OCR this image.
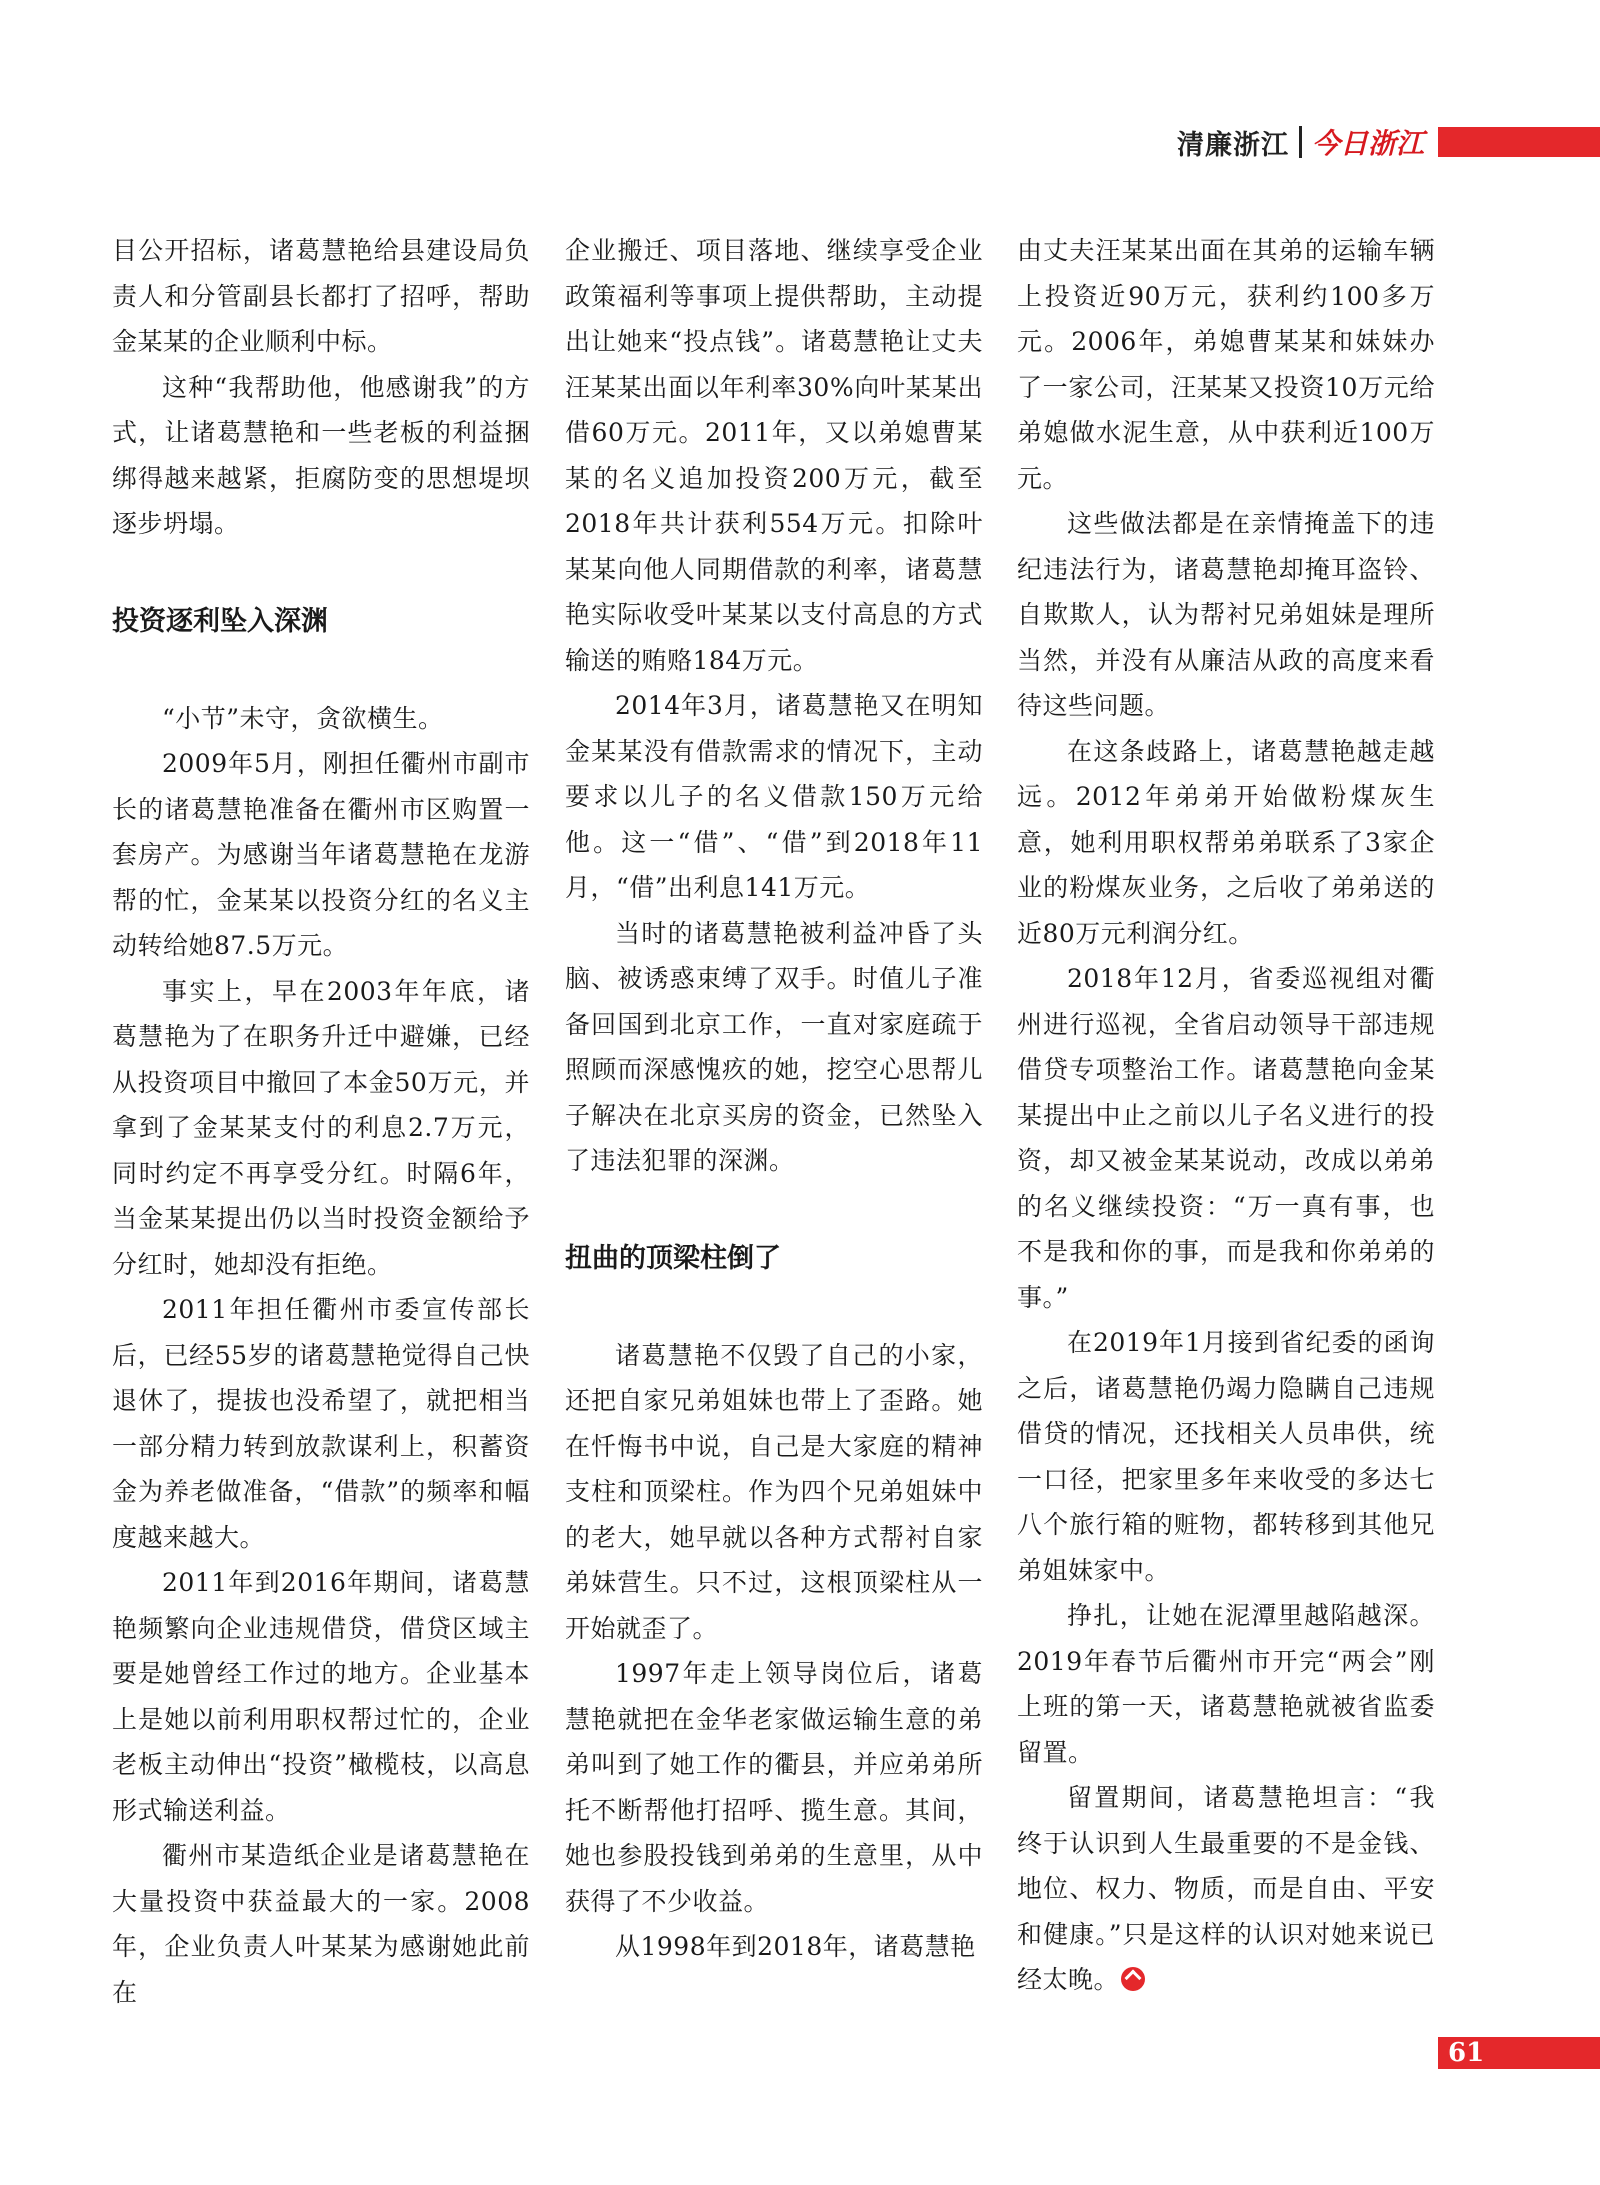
清廉浙江 今日浙江

目公开招标，诸葛慧艳给县建设局负责人和分管副县长都打了招呼，帮助金某某的企业顺利中标。

这种“我帮助他，他感谢我”的方式，让诸葛慧艳和一些老板的利益捆绑得越来越紧，拒腐防变的思想堤坝逐步坍塌。

投资逐利坠入深渊

“小节”未守，贪欲横生。

2009年5月，刚担任衢州市副市长的诸葛慧艳准备在衢州市区购置一套房产。为感谢当年诸葛慧艳在龙游帮的忙，金某某以投资分红的名义主动转给她87.5万元。

事实上，早在2003年年底，诸葛慧艳为了在职务升迁中避嫌，已经从投资项目中撤回了本金50万元，并拿到了金某某支付的利息2.7万元，同时约定不再享受分红。时隔6年，当金某某提出仍以当时投资金额给予分红时，她却没有拒绝。

2011年担任衢州市委宣传部长后，已经55岁的诸葛慧艳觉得自己快退休了，提拔也没希望了，就把相当一部分精力转到放款谋利上，积蓄资金为养老做准备，“借款”的频率和幅度越来越大。

2011年到2016年期间，诸葛慧艳频繁向企业违规借贷，借贷区域主要是她曾经工作过的地方。企业基本上是她以前利用职权帮过忙的，企业老板主动伸出“投资”橄榄枝，以高息形式输送利益。

衢州市某造纸企业是诸葛慧艳在大量投资中获益最大的一家。2008年，企业负责人叶某某为感谢她此前在

企业搬迁、项目落地、继续享受企业政策福利等事项上提供帮助，主动提出让她来“投点钱”。诸葛慧艳让丈夫汪某某出面以年利率30%向叶某某出借60万元。2011年，又以弟媳曹某某的名义追加投资200万元，截至2018年共计获利554万元。扣除叶某某向他人同期借款的利率，诸葛慧艳实际收受叶某某以支付高息的方式输送的贿赂184万元。

2014年3月，诸葛慧艳又在明知金某某没有借款需求的情况下，主动要求以儿子的名义借款150万元给他。这一“借”、“借”到2018年11月，“借”出利息141万元。

当时的诸葛慧艳被利益冲昏了头脑、被诱惑束缚了双手。时值儿子准备回国到北京工作，一直对家庭疏于照顾而深感愧疚的她，挖空心思帮儿子解决在北京买房的资金，已然坠入了违法犯罪的深渊。

扭曲的顶梁柱倒了

诸葛慧艳不仅毁了自己的小家，还把自家兄弟姐妹也带上了歪路。她在忏悔书中说，自己是大家庭的精神支柱和顶梁柱。作为四个兄弟姐妹中的老大，她早就以各种方式帮衬自家弟妹营生。只不过，这根顶梁柱从一开始就歪了。

1997年走上领导岗位后，诸葛慧艳就把在金华老家做运输生意的弟弟叫到了她工作的衢县，并应弟弟所托不断帮他打招呼、揽生意。其间，她也参股投钱到弟弟的生意里，从中获得了不少收益。

从1998年到2018年，诸葛慧艳

由丈夫汪某某出面在其弟的运输车辆上投资近90万元，获利约100多万元。2006年，弟媳曹某某和妹妹办了一家公司，汪某某又投资10万元给弟媳做水泥生意，从中获利近100万元。

这些做法都是在亲情掩盖下的违纪违法行为，诸葛慧艳却掩耳盗铃、自欺欺人，认为帮衬兄弟姐妹是理所当然，并没有从廉洁从政的高度来看待这些问题。

在这条歧路上，诸葛慧艳越走越远。2012年弟弟开始做粉煤灰生意，她利用职权帮弟弟联系了3家企业的粉煤灰业务，之后收了弟弟送的近80万元利润分红。

2018年12月，省委巡视组对衢州进行巡视，全省启动领导干部违规借贷专项整治工作。诸葛慧艳向金某某提出中止之前以儿子名义进行的投资，却又被金某某说动，改成以弟弟的名义继续投资：“万一真有事，也不是我和你的事，而是我和你弟弟的事。”

在2019年1月接到省纪委的函询之后，诸葛慧艳仍竭力隐瞒自己违规借贷的情况，还找相关人员串供，统一口径，把家里多年来收受的多达七八个旅行箱的赃物，都转移到其他兄弟姐妹家中。

挣扎，让她在泥潭里越陷越深。2019年春节后衢州市开完“两会”刚上班的第一天，诸葛慧艳就被省监委留置。

留置期间，诸葛慧艳坦言：“我终于认识到人生最重要的不是金钱、地位、权力、物质，而是自由、平安和健康。”只是这样的认识对她来说已经太晚。

61
